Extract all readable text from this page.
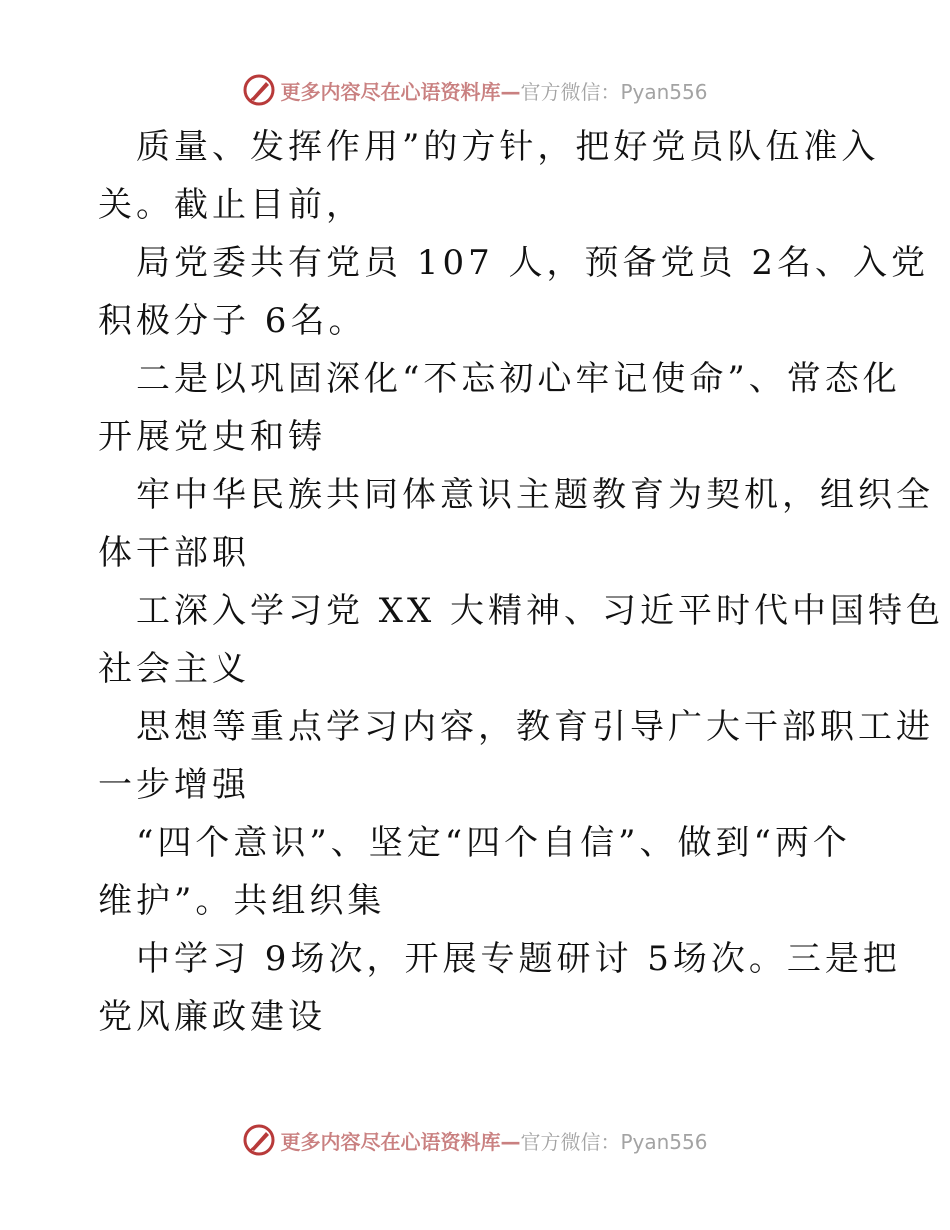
更多内容尽在心语资料库—官方微信：Pyan556
质量、发挥作用”的方针，把好党员队伍准入
关。截止目前，
局党委共有党员 107 人，预备党员 2名、入党
积极分子 6名。
二是以巩固深化“不忘初心牢记使命”、常态化
开展党史和铸
牢中华民族共同体意识主题教育为契机，组织全
体干部职
工深入学习党 XX 大精神、习近平时代中国特色
社会主义
思想等重点学习内容，教育引导广大干部职工进
一步增强
“四个意识”、坚定“四个自信”、做到“两个
维护”。共组织集
中学习 9场次，开展专题研讨 5场次。三是把
党风廉政建设
更多内容尽在心语资料库—官方微信：Pyan556
